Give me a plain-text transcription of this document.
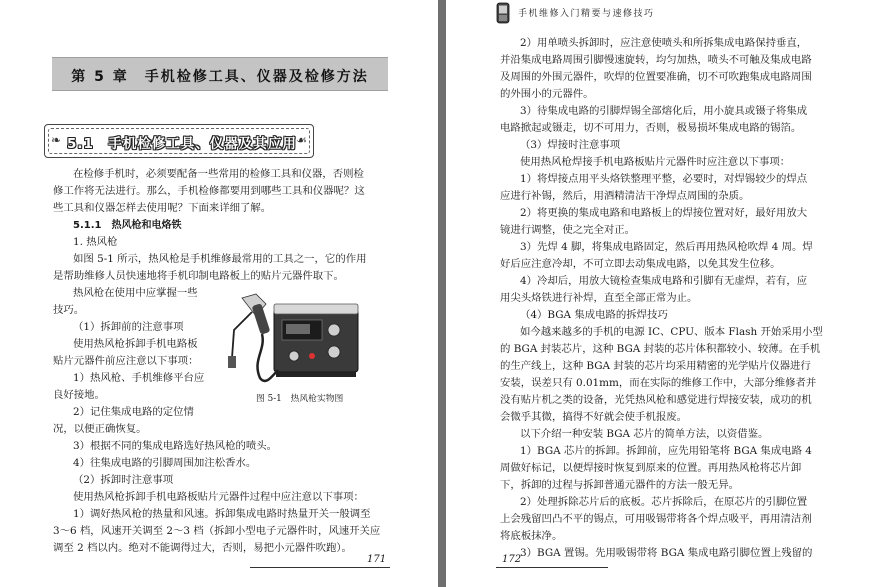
第 5 章　手机检修工具、仪器及检修方法
❧ 5.1　手机检修工具、仪器及其应用 ☙
在检修手机时，必须要配备一些常用的检修工具和仪器，否则检
修工作将无法进行。那么，手机检修都要用到哪些工具和仪器呢？这
些工具和仪器怎样去使用呢？下面来详细了解。
5.1.1　热风枪和电烙铁
1. 热风枪
如图 5-1 所示，热风枪是手机维修最常用的工具之一，它的作用
是帮助维修人员快速地将手机印制电路板上的贴片元器件取下。
热风枪在使用中应掌握一些
技巧。
（1）拆卸前的注意事项
使用热风枪拆卸手机电路板
贴片元器件前应注意以下事项：
1）热风枪、手机维修平台应
良好接地。
2）记住集成电路的定位情
况，以便正确恢复。
3）根据不同的集成电路选好热风枪的喷头。
4）往集成电路的引脚周围加注松香水。
（2）拆卸时注意事项
使用热风枪拆卸手机电路板贴片元器件过程中应注意以下事项：
1）调好热风枪的热量和风速。拆卸集成电路时热量开关一般调至
3～6 档，风速开关调至 2～3 档（拆卸小型电子元器件时，风速开关应
调至 2 档以内。绝对不能调得过大，否则，易把小元器件吹跑）。
图 5-1　热风枪实物图
171
手机维修入门精要与速修技巧
2）用单喷头拆卸时，应注意使喷头和所拆集成电路保持垂直，
并沿集成电路周围引脚慢速旋转，均匀加热，喷头不可触及集成电路
及周围的外围元器件，吹焊的位置要准确，切不可吹跑集成电路周围
的外围小的元器件。
3）待集成电路的引脚焊锡全部熔化后，用小旋具或镊子将集成
电路掀起或镊走，切不可用力，否则，极易损坏集成电路的锡箔。
（3）焊接时注意事项
使用热风枪焊接手机电路板贴片元器件时应注意以下事项：
1）将焊接点用平头烙铁整理平整，必要时，对焊锡较少的焊点
应进行补锡，然后，用酒精清洁干净焊点周围的杂质。
2）将更换的集成电路和电路板上的焊接位置对好，最好用放大
镜进行调整，使之完全对正。
3）先焊 4 脚，将集成电路固定，然后再用热风枪吹焊 4 周。焊
好后应注意冷却，不可立即去动集成电路，以免其发生位移。
4）冷却后，用放大镜检查集成电路和引脚有无虚焊，若有，应
用尖头烙铁进行补焊，直至全部正常为止。
（4）BGA 集成电路的拆焊技巧
如今越来越多的手机的电源 IC、CPU、版本 Flash 开始采用小型
的 BGA 封装芯片，这种 BGA 封装的芯片体积都较小、较薄。在手机
的生产线上，这种 BGA 封装的芯片均采用精密的光学贴片仪器进行
安装，误差只有 0.01mm，而在实际的维修工作中，大部分维修者并
没有贴片机之类的设备，光凭热风枪和感觉进行焊接安装，成功的机
会微乎其微，搞得不好就会使手机报废。
以下介绍一种安装 BGA 芯片的简单方法，以资借鉴。
1）BGA 芯片的拆卸。拆卸前，应先用铅笔将 BGA 集成电路 4
周做好标记，以便焊接时恢复到原来的位置。再用热风枪将芯片卸
下，拆卸的过程与拆卸普通元器件的方法一般无异。
2）处理拆除芯片后的底板。芯片拆除后，在原芯片的引脚位置
上会残留凹凸不平的锡点，可用吸锡带将各个焊点吸平，再用清洁剂
将底板抹净。
3）BGA 置锡。先用吸锡带将 BGA 集成电路引脚位置上残留的
172
